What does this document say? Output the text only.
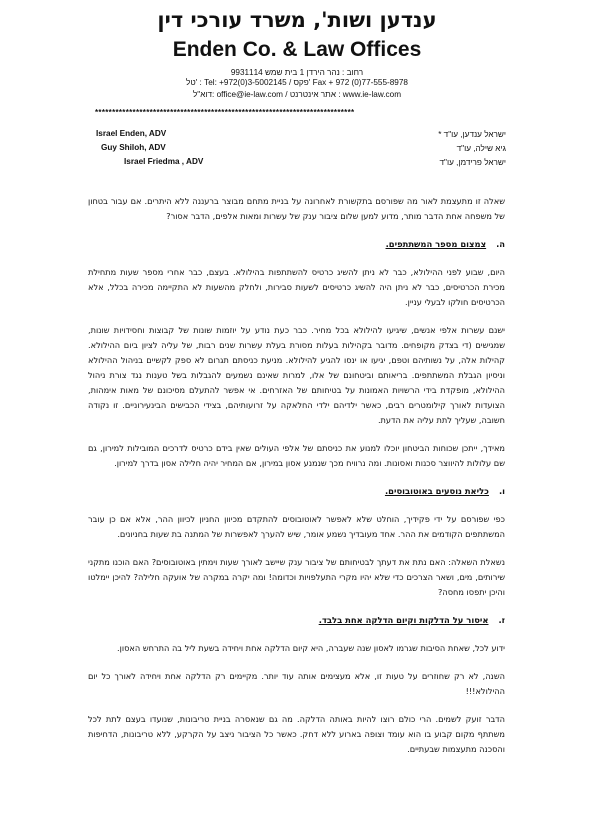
ענדען ושות', משרד עורכי דין
Enden Co. & Law Offices
רחוב : נהר הירדן 1 בית שמש 9931114
טל' : Tel: +972(0)3-5002145 / פקס' Fax + 972 (0)77-555-8978
דוא"ל: office@ie-law.com / אתר אינטרנט : www.ie-law.com
****************************************************************************
ישראל ענדען, עו"ד *
גיא שילה, עו"ד
ישראל פרידמן, עו"ד
Israel Enden, ADV
Guy Shiloh, ADV
Israel Friedma , ADV

שאלה זו מתעצמת לאור מה שפורסם בתקשורת לאחרונה על בניית מתחם מבוצר ברעננה ללא היתרים. אם עבור בטחון של משפחה אחת הדבר מותר, מדוע למען שלום ציבור ענק של עשרות ומאות אלפים, הדבר אסור?

ה.צמצום מספר המשתתפים.

היום, שבוע לפני ההילולא, כבר לא ניתן להשיג כרטיס להשתתפות בהילולא. בעצם, כבר אחרי מספר שעות מתחילת מכירת הכרטיסים, כבר לא ניתן היה להשיג כרטיסים לשעות סבירות, ולחלק מהשעות לא התקיימה מכירה בכלל, אלא הכרטיסים חולקו לבעלי עניין.

ישנם עשרות אלפי אנשים, שיגיעו להילולא בכל מחיר. כבר כעת נודע על יוזמות שונות של קבוצות וחסידויות שונות, שמגישים (די בצדק מקופחים. מדובר בקהילות בעלות מסורת בעלת עשרות שנים רבות, של עליה לציון ביום ההילולא. קהילות אלה, על נשותיהם וטפם, יגיעו או ינסו להגיע להילולא. מניעת כניסתם תגרום לא ספק לקשיים בניהול ההילולא וניסיון הגבלת המשתתפים. בריאותם וביטחונם של אלו, למרות שאינם נשמעים להגבלות בשל טענות נגד צורת ניהול ההילולא, מופקדת בידי הרשויות האמונות על בטיחותם של האזרחים. אי אפשר להתעלם מסיכונם של מאות אימהות, הצועדות לאורך קילומטרים רבים, כאשר ילדיהם ילדי החלאקה על זרועותיהם, בצידי הכבישים הבינעירוניים. זו נקודה חשובה, שעליך לתת עליה את הדעת.

מאידך, ייתכן שכוחות הביטחון יוכלו למנוע את כניסתם של אלפי העולים שאין בידם כרטיס לדרכים המובילות למירון, גם שם עלולות להיווצר סכנות ואסונות. ומה נרוויח מכך שנמנע אסון במירון, אם המחיר יהיה חלילה אסון בדרך למירון.

ו.כליאת נוסעים באוטובוסים.

כפי שפורסם על ידי פקידיך, הוחלט שלא לאפשר לאוטובוסים להתקדם מכיוון החניון לכיוון ההר, אלא אם כן עובר המשתתפים הקודמים את ההר. אחד מעובדיך נשמע אומר, שיש להערך לאפשרות של המתנה בת שעות בחניונים.

נשאלת השאלה: האם נתת את דעתך לבטיחותם של ציבור ענק שיישב לאורך שעות וימתין באוטובוסים? האם הוכנו מתקני שירותים, מים, ושאר הצרכים כדי שלא יהיו מקרי התעלפויות וכדומה! ומה יקרה במקרה של אועקה חלילה? להיכן יימלטו והיכן יתפסו מחסה?

ז.איסור על הדלקות וקיום הדלקה אחת בלבד.

ידוע לכל, שאחת הסיבות שגרמו לאסון שנה שעברה, היא קיום הדלקה אחת ויחידה בשעת ליל בה התרחש האסון.

השנה, לא רק שחוזרים על טעות זו, אלא מעצימים אותה עוד יותר. מקיימים רק הדלקה אחת ויחידה לאורך כל יום ההילולא!!!

הדבר זועק לשמים. הרי כולם רוצו להיות באותה הדלקה. מה גם שנאסרה בניית טריבונות, שנועדו בעצם לתת לכל משתתף מקום קבוע בו הוא עומד וצופה בארוע ללא דחק. כאשר כל הציבור ניצב על הקרקע, ללא טריבונות, הדחיפות והסכנה מתעצמות שבעתיים.
